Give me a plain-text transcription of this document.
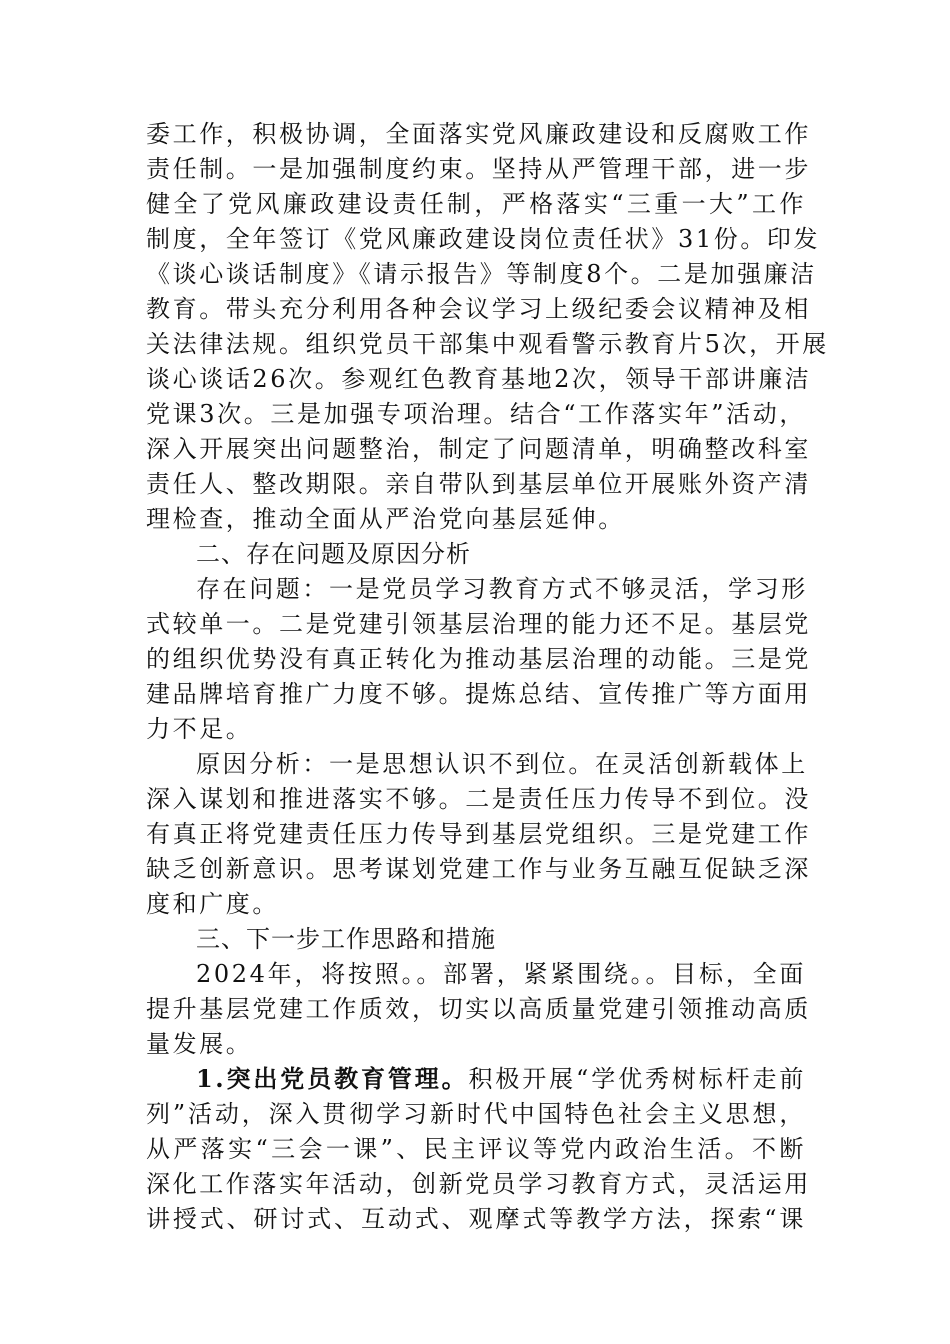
委工作，积极协调，全面落实党风廉政建设和反腐败工作
责任制。一是加强制度约束。坚持从严管理干部，进一步
健全了党风廉政建设责任制，严格落实“三重一大”工作
制度，全年签订《党风廉政建设岗位责任状》31份。印发
《谈心谈话制度》《请示报告》等制度8个。二是加强廉洁
教育。带头充分利用各种会议学习上级纪委会议精神及相
关法律法规。组织党员干部集中观看警示教育片5次，开展
谈心谈话26次。参观红色教育基地2次，领导干部讲廉洁
党课3次。三是加强专项治理。结合“工作落实年”活动，
深入开展突出问题整治，制定了问题清单，明确整改科室
责任人、整改期限。亲自带队到基层单位开展账外资产清
理检查，推动全面从严治党向基层延伸。
二、存在问题及原因分析
存在问题：一是党员学习教育方式不够灵活，学习形
式较单一。二是党建引领基层治理的能力还不足。基层党
的组织优势没有真正转化为推动基层治理的动能。三是党
建品牌培育推广力度不够。提炼总结、宣传推广等方面用
力不足。
原因分析：一是思想认识不到位。在灵活创新载体上
深入谋划和推进落实不够。二是责任压力传导不到位。没
有真正将党建责任压力传导到基层党组织。三是党建工作
缺乏创新意识。思考谋划党建工作与业务互融互促缺乏深
度和广度。
三、下一步工作思路和措施
2024年，将按照。。部署，紧紧围绕。。目标，全面
提升基层党建工作质效，切实以高质量党建引领推动高质
量发展。
1.突出党员教育管理。积极开展“学优秀树标杆走前
列”活动，深入贯彻学习新时代中国特色社会主义思想，
从严落实“三会一课”、民主评议等党内政治生活。不断
深化工作落实年活动，创新党员学习教育方式，灵活运用
讲授式、研讨式、互动式、观摩式等教学方法，探索“课
